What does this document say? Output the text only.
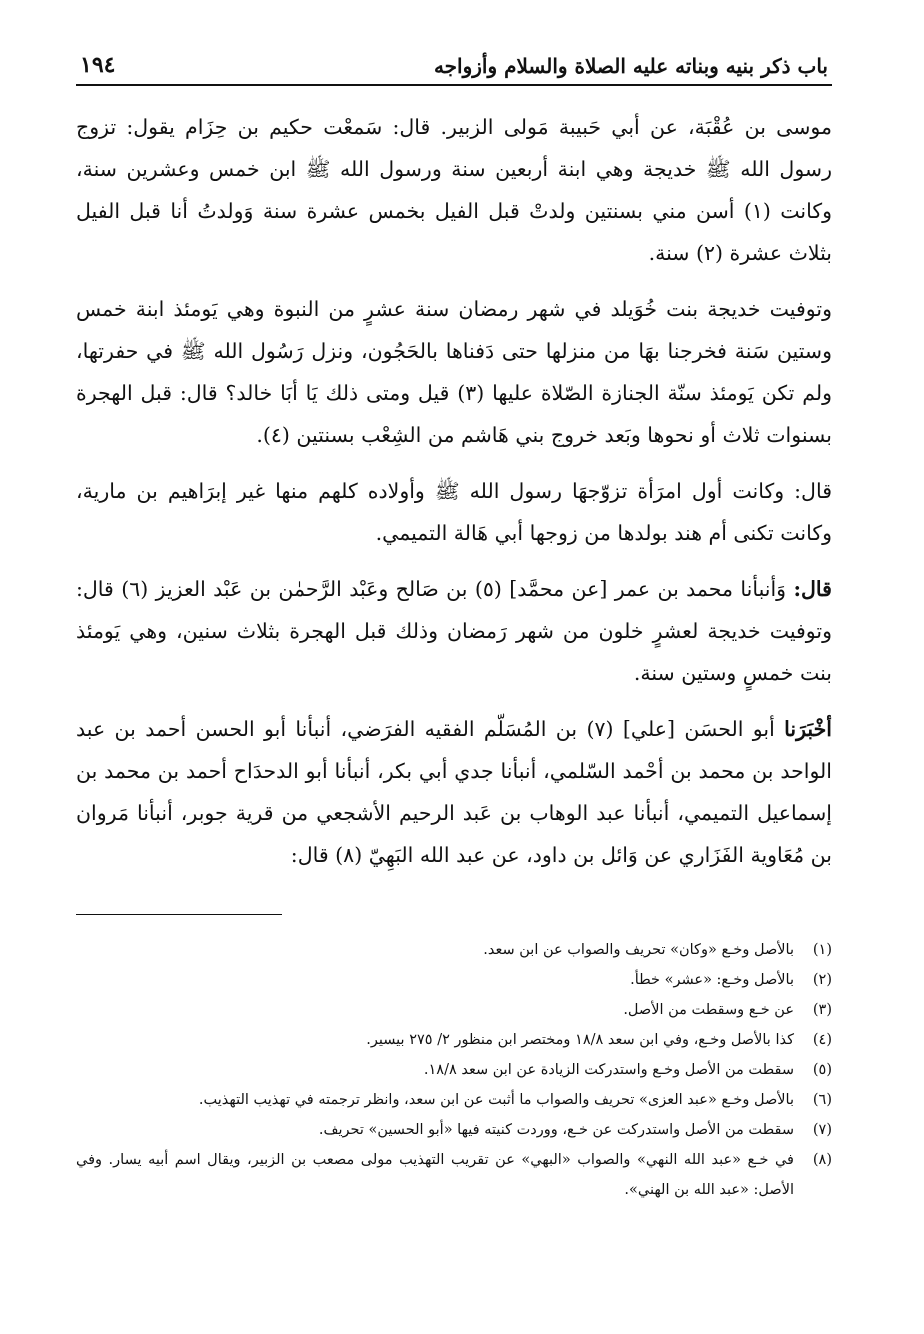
باب ذكر بنيه وبناته عليه الصلاة والسلام وأزواجه
١٩٤

موسى بن عُقْبَة، عن أبي حَبيبة مَولى الزبير. قال: سَمعْت حكيم بن حِزَام يقول: تزوج رسول الله ﷺ خديجة وهي ابنة أربعين سنة ورسول الله ﷺ ابن خمس وعشرين سنة، وكانت (١) أسن مني بسنتين ولدتْ قبل الفيل بخمس عشرة سنة وَولدتُ أنا قبل الفيل بثلاث عشرة (٢) سنة.

وتوفيت خديجة بنت خُوَيلد في شهر رمضان سنة عشرٍ من النبوة وهي يَومئذ ابنة خمس وستين سَنة فخرجنا بهَا من منزلها حتى دَفناها بالحَجُون، ونزل رَسُول الله ﷺ في حفرتها، ولم تكن يَومئذ سنّة الجنازة الصّلاة عليها (٣) قيل ومتى ذلك يَا أبَا خالد؟ قال: قبل الهجرة بسنوات ثلاث أو نحوها وبَعد خروج بني هَاشم من الشِعْب بسنتين (٤).

قال: وكانت أول امرَأة تزوّجهَا رسول الله ﷺ وأولاده كلهم منها غير إبرَاهيم بن مارية، وكانت تكنى أم هند بولدها من زوجها أبي هَالة التميمي.

قال: وَأنبأنا محمد بن عمر [عن محمَّد] (٥) بن صَالح وعَبْد الرَّحمٰن بن عَبْد العزيز (٦) قال: وتوفيت خديجة لعشرٍ خلون من شهر رَمضان وذلك قبل الهجرة بثلاث سنين، وهي يَومئذ بنت خمسٍ وستين سنة.

أخْبَرَنا أبو الحسَن [علي] (٧) بن المُسَلّم الفقيه الفرَضي، أنبأنا أبو الحسن أحمد بن عبد الواحد بن محمد بن أحْمد السّلمي، أنبأنا جدي أبي بكر، أنبأنا أبو الدحدَاح أحمد بن محمد بن إسماعيل التميمي، أنبأنا عبد الوهاب بن عَبد الرحيم الأشجعي من قرية جوبر، أنبأنا مَروان بن مُعَاوية الفَزَاري عن وَائل بن داود، عن عبد الله البَهِيّ (٨) قال:

(١)
بالأصل وخـع «وكان» تحريف والصواب عن ابن سعد.
(٢)
بالأصل وخـع: «عشر» خطأ.
(٣)
عن خـع وسقطت من الأصل.
(٤)
كذا بالأصل وخـع، وفي ابن سعد ١٨/٨ ومختصر ابن منظور ٢/ ٢٧٥ بيسير.
(٥)
سقطت من الأصل وخـع واستدركت الزيادة عن ابن سعد ١٨/٨.
(٦)
بالأصل وخـع «عبد العزى» تحريف والصواب ما أثبت عن ابن سعد، وانظر ترجمته في تهذيب التهذيب.
(٧)
سقطت من الأصل واستدركت عن خـع، ووردت كنيته فيها «أبو الحسين» تحريف.
(٨)
في خـع «عبد الله النهي» والصواب «البهي» عن تقريب التهذيب مولى مصعب بن الزبير، ويقال اسم أبيه يسار. وفي الأصل: «عبد الله بن الهني».
